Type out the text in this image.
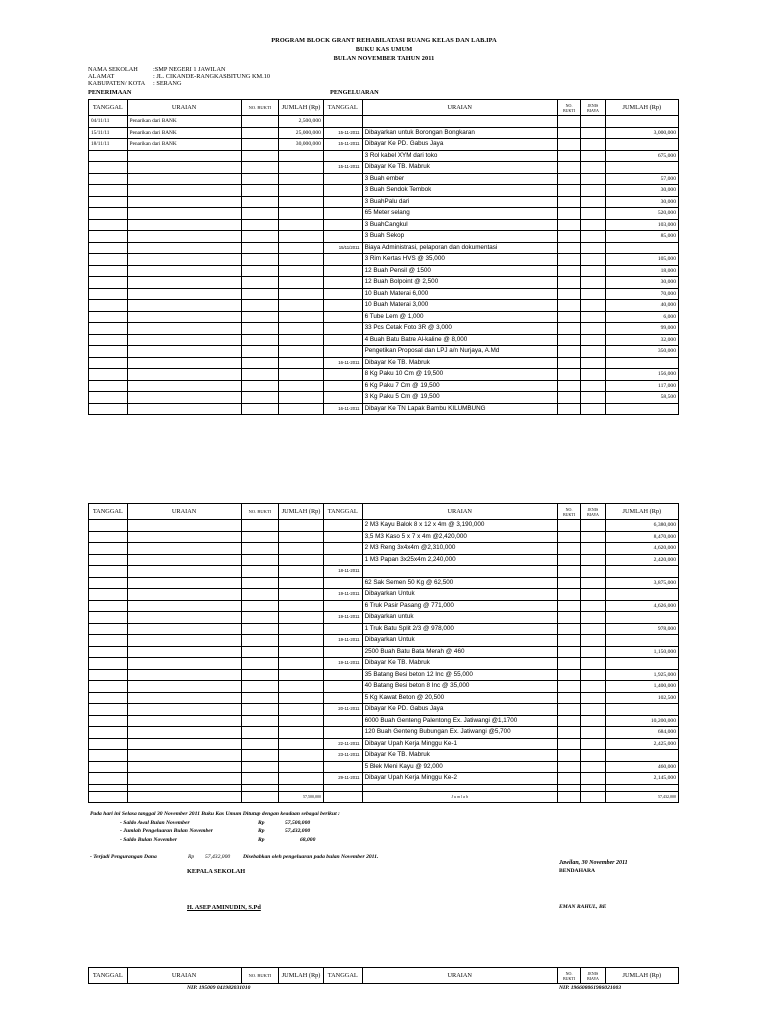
PROGRAM BLOCK GRANT REHABILATASI RUANG KELAS DAN LAB.IPA
BUKU KAS UMUM
BULAN NOVEMBER TAHUN 2011
NAMA SEKOLAH :SMP NEGERI 1 JAWILAN
ALAMAT	: JL. CIKANDE-RANGKASBITUNG KM.10
KABUPATEN/ KOTA : SERANG
PENERIMAAN	PENGELUARAN
TANGGAL	URAIAN	NO. BUKTI	JUMLAH (Rp)	TANGGAL	URAIAN	NO. BUKTI	JENIS BIAYA	JUMLAH (Rp)
04/11/11	Penarikan dari BANK		2,500,000					
15/11/11	Penarikan dari BANK		25,000,000	15-11-2011	Dibayarkan untuk Borongan Bongkaran			3,000,000
18/11/11	Penarikan dari BANK		30,000,000	15-11-2011	Dibayar Ke PD. Gabus Jaya			
					3 Rol kabel XYM dari toko			675,000
				15-11-2011	Dibayar Ke TB. Mabruk			
					3 Buah ember			57,000
					3 Buah Sendok Tembok			30,000
					3 BuahPalu dari			30,000
					65 Meter selang			520,000
					3 BuahCangkul			103,000
					3 Buah Sekop			85,000
				15/11/2011	Biaya Administrasi, pelaporan dan dokumentasi			
					3 Rim Kertas HVS @ 35,000			105,000
					12 Buah Pensil @ 1500			18,000
					12 Buah Bolpoint @ 2,500			30,000
					10 Buah Materai 6,000			70,000
					10 Buah Materai 3,000			40,000
					6 Tube Lem @ 1,000			6,000
					33 Pcs Cetak Foto 3R @ 3,000			99,000
					4 Buah Batu Batre Al-kaline @ 8,000			32,000
					Pengetikan Proposal dan LPJ a/n Nurjaya, A.Md			350,000
				16-11-2011	Dibayar Ke TB. Mabruk			
					8 Kg Paku 10 Cm @ 19,500			156,000
					6 Kg Paku 7 Cm @ 19,500			117,000
					3 Kg Paku 5 Cm @ 19,500			58,500
				16-11-2011	Dibayar Ke TN Lapak Bambu KILUMBUNG			
TANGGAL	URAIAN	NO. BUKTI	JUMLAH (Rp)	TANGGAL	URAIAN	NO. BUKTI	JENIS BIAYA	JUMLAH (Rp)
					2 M3 Kayu Balok 8 x 12 x 4m @ 3,190,000			6,380,000
					3,5 M3 Kaso 5 x 7 x 4m @2,420,000			8,470,000
					2 M3 Reng 3x4x4m @2,310,000			4,620,000
					1 M3 Papan 3x25x4m 2,240,000			2,420,000
				18-11-2011				
					62 Sak Semen 50 Kg @ 62,500			3,875,000
				19-11-2011	Dibayarkan Untuk			
					6 Truk Pasir Pasang @ 771,000			4,626,000
				19-11-2011	Dibayarkan untuk			
					1 Truk Batu Split 2/3 @ 978,000			978,000
				19-11-2011	Dibayarkan Untuk			
					2500 Buah Batu Bata Merah @ 460			1,150,000
				19-11-2011	Dibayar Ke TB. Mabruk			
					35 Batang Besi beton 12 Inc @ 55,000			1,925,000
					40 Batang Besi beton 8 Inc @ 35,000			1,400,000
					5 Kg Kawat Beton @ 20,500			102,500
				20-11-2011	Dibayar Ke PD. Gabus Jaya			
					6000 Buah Genteng Palentong Ex. Jatiwangi @1,1700			10,200,000
					120 Buah Genteng Bubungan Ex. Jatiwangi @5,700			684,000
				22-11-2011	Dibayar Upah Kerja Minggu Ke-1			2,425,000
				23-11-2011	Dibayar Ke TB. Mabruk			
					5 Blek Meni Kayu @ 92,000			460,000
				29-11-2011	Dibayar Upah Kerja Minggu Ke-2			2,145,000

			57,500,000		J u m l a h			57,432,000
Pada hari ini Selasa tanggal 30 November 2011 Buku Kas Umum Ditutup dengan keadaan sebagai berikut :
- Saldo Awal Bulan November	Rp	57,500,000
- Jumlah Pengeluaran Bulan November	Rp	57,432,000
- Saldo Bulan November	Rp	68,000
- Terjadi Pengurangan Dana	Rp 57,432,000 Disebabkan oleh pengeluaran pada bulan November 2011.
Jawilan, 30 November 2011
KEPALA SEKOLAH	BENDAHARA
H. ASEP AMINUDIN, S.Pd	EMAN RAHUL, BE
TANGGAL	URAIAN	NO. BUKTI	JUMLAH (Rp)	TANGGAL	URAIAN	NO. BUKTI	JENIS BIAYA	JUMLAH (Rp)
NIP. 195009 041982031010	NIP. 196608061986021003
